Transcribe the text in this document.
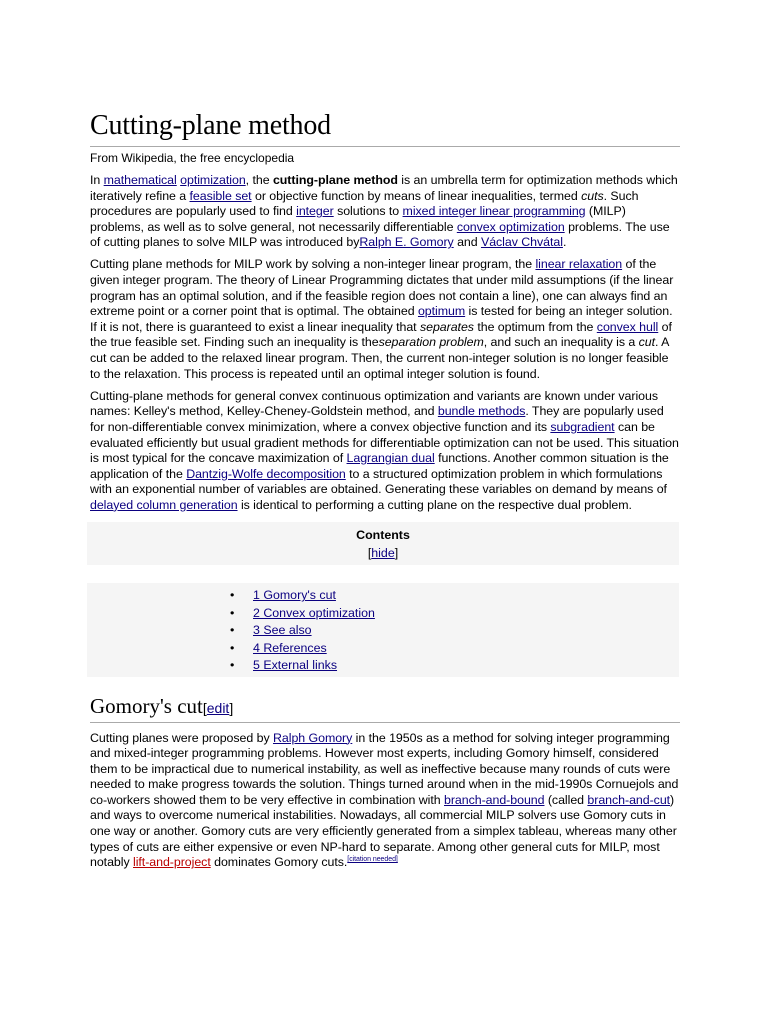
Cutting-plane method
From Wikipedia, the free encyclopedia

In mathematical optimization, the cutting-plane method is an umbrella term for optimization methods which iteratively refine a feasible set or objective function by means of linear inequalities, termed cuts. Such procedures are popularly used to find integer solutions to mixed integer linear programming (MILP) problems, as well as to solve general, not necessarily differentiable convex optimization problems. The use of cutting planes to solve MILP was introduced byRalph E. Gomory and Václav Chvátal.

Cutting plane methods for MILP work by solving a non-integer linear program, the linear relaxation of the given integer program. The theory of Linear Programming dictates that under mild assumptions (if the linear program has an optimal solution, and if the feasible region does not contain a line), one can always find an extreme point or a corner point that is optimal. The obtained optimum is tested for being an integer solution. If it is not, there is guaranteed to exist a linear inequality that separates the optimum from the convex hull of the true feasible set. Finding such an inequality is theseparation problem, and such an inequality is a cut. A cut can be added to the relaxed linear program. Then, the current non-integer solution is no longer feasible to the relaxation. This process is repeated until an optimal integer solution is found.

Cutting-plane methods for general convex continuous optimization and variants are known under various names: Kelley's method, Kelley-Cheney-Goldstein method, and bundle methods. They are popularly used for non-differentiable convex minimization, where a convex objective function and its subgradient can be evaluated efficiently but usual gradient methods for differentiable optimization can not be used. This situation is most typical for the concave maximization of Lagrangian dual functions. Another common situation is the application of the Dantzig-Wolfe decomposition to a structured optimization problem in which formulations with an exponential number of variables are obtained. Generating these variables on demand by means of delayed column generation is identical to performing a cutting plane on the respective dual problem.

Contents
[hide]
• 1 Gomory's cut
• 2 Convex optimization
• 3 See also
• 4 References
• 5 External links
Gomory's cut[edit]

Cutting planes were proposed by Ralph Gomory in the 1950s as a method for solving integer programming and mixed-integer programming problems. However most experts, including Gomory himself, considered them to be impractical due to numerical instability, as well as ineffective because many rounds of cuts were needed to make progress towards the solution. Things turned around when in the mid-1990s Cornuejols and co-workers showed them to be very effective in combination with branch-and-bound (called branch-and-cut) and ways to overcome numerical instabilities. Nowadays, all commercial MILP solvers use Gomory cuts in one way or another. Gomory cuts are very efficiently generated from a simplex tableau, whereas many other types of cuts are either expensive or even NP-hard to separate. Among other general cuts for MILP, most notably lift-and-project dominates Gomory cuts.[citation needed]
